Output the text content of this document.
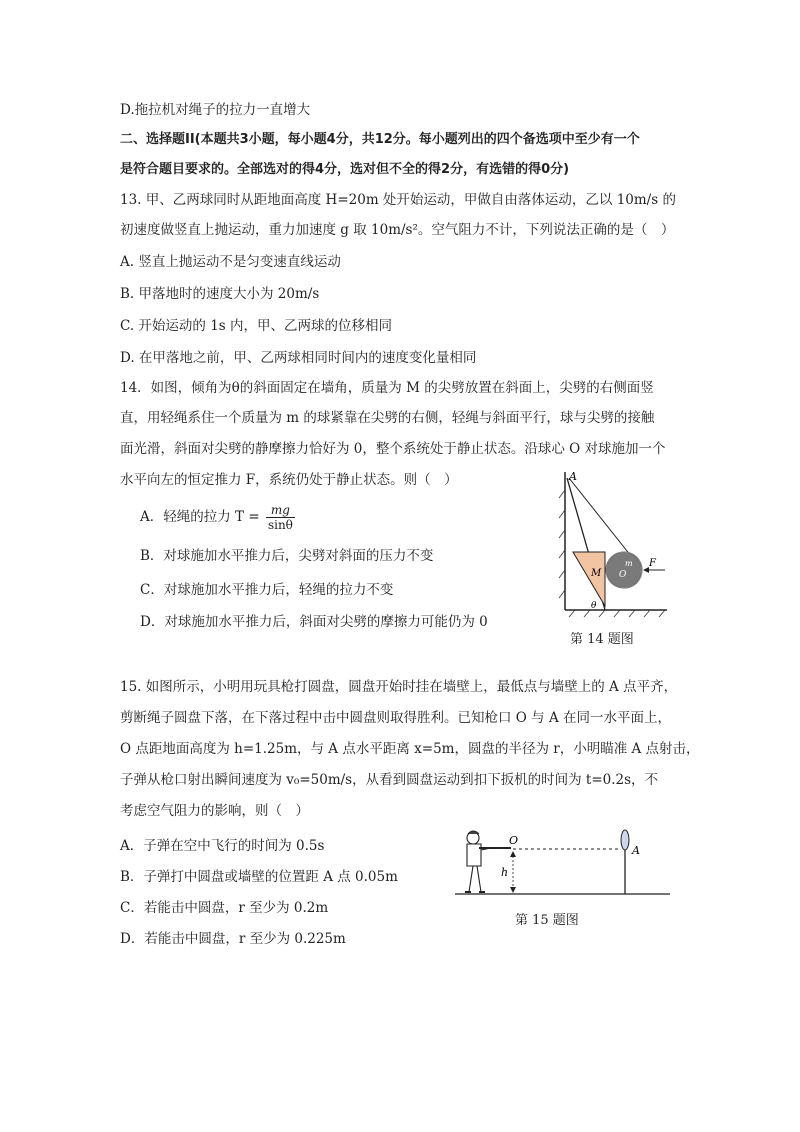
D.拖拉机对绳子的拉力一直增大
二、选择题II(本题共3小题，每小题4分，共12分。每小题列出的四个备选项中至少有一个
是符合题目要求的。全部选对的得4分，选对但不全的得2分，有选错的得0分)
13. 甲、乙两球同时从距地面高度 H=20m 处开始运动，甲做自由落体运动，乙以 10m/s 的
初速度做竖直上抛运动，重力加速度 g 取 10m/s²。空气阻力不计，下列说法正确的是（　）
A. 竖直上抛运动不是匀变速直线运动
B. 甲落地时的速度大小为 20m/s
C. 开始运动的 1s 内，甲、乙两球的位移相同
D. 在甲落地之前，甲、乙两球相同时间内的速度变化量相同
14．如图，倾角为θ的斜面固定在墙角，质量为 M 的尖劈放置在斜面上，尖劈的右侧面竖
直，用轻绳系住一个质量为 m 的球紧靠在尖劈的右侧，轻绳与斜面平行，球与尖劈的接触
面光滑，斜面对尖劈的静摩擦力恰好为 0，整个系统处于静止状态。沿球心 O 对球施加一个
水平向左的恒定推力 F，系统仍处于静止状态。则（　）
A．轻绳的拉力 $T = \frac{mg}{\sin\theta}$
B．对球施加水平推力后，尖劈对斜面的压力不变
C．对球施加水平推力后，轻绳的拉力不变
D．对球施加水平推力后，斜面对尖劈的摩擦力可能仍为 0
A
M
m
O
F
θ
第 14 题图
15. 如图所示，小明用玩具枪打圆盘，圆盘开始时挂在墙壁上，最低点与墙壁上的 A 点平齐，
剪断绳子圆盘下落，在下落过程中击中圆盘则取得胜利。已知枪口 O 与 A 在同一水平面上，
O 点距地面高度为 h=1.25m，与 A 点水平距离 x=5m，圆盘的半径为 r，小明瞄准 A 点射击，
子弹从枪口射出瞬间速度为 v₀=50m/s，从看到圆盘运动到扣下扳机的时间为 t=0.2s，不
考虑空气阻力的影响，则（　）
A．子弹在空中飞行的时间为 0.5s
B．子弹打中圆盘或墙壁的位置距 A 点 0.05m
C．若能击中圆盘，r 至少为 0.2m
D．若能击中圆盘，r 至少为 0.225m
O
A
h
第 15 题图
